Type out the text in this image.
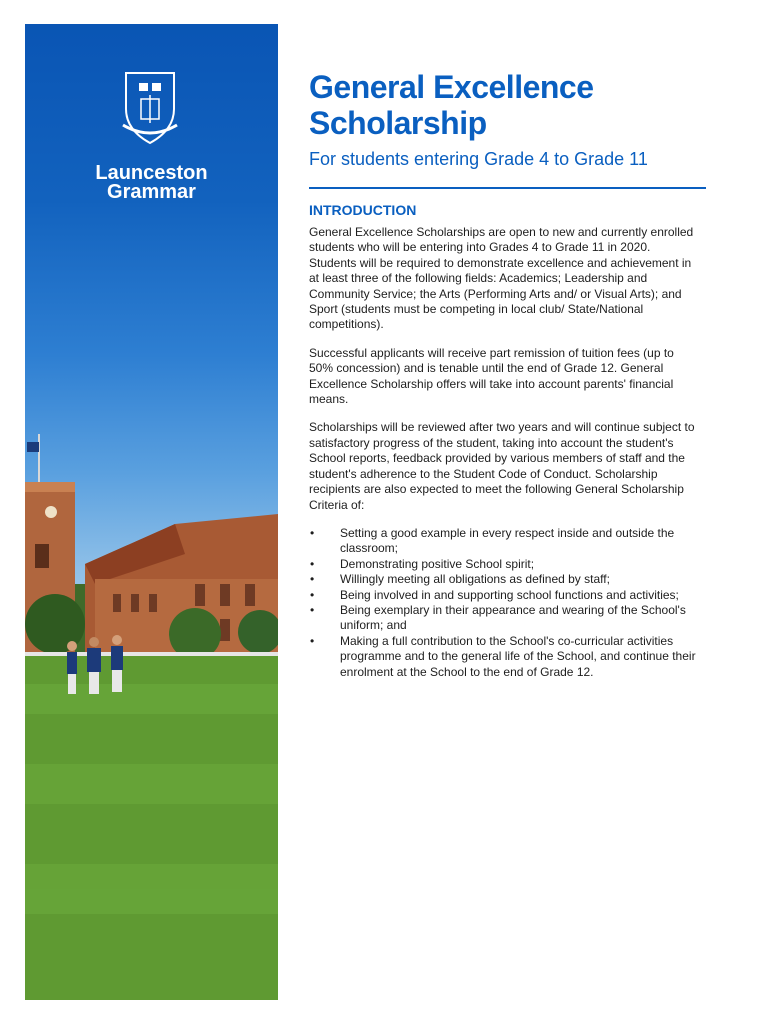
Launceston
Grammar
General Excellence
Scholarship
For students entering Grade 4 to Grade 11
INTRODUCTION

General Excellence Scholarships are open to new and currently enrolled students who will be entering into Grades 4 to Grade 11 in 2020. Students will be required to demonstrate excellence and achievement in at least three of the following fields: Academics; Leadership and Community Service; the Arts (Performing Arts and/ or Visual Arts); and Sport (students must be competing in local club/ State/National competitions).

Successful applicants will receive part remission of tuition fees (up to 50% concession) and is tenable until the end of Grade 12. General Excellence Scholarship offers will take into account parents' financial means.

Scholarships will be reviewed after two years and will continue subject to satisfactory progress of the student, taking into account the student's School reports, feedback provided by various members of staff and the student's adherence to the Student Code of Conduct. Scholarship recipients are also expected to meet the following General Scholarship Criteria of:

• Setting a good example in every respect inside and outside the classroom;
• Demonstrating positive School spirit;
• Willingly meeting all obligations as defined by staff;
• Being involved in and supporting school functions and activities;
• Being exemplary in their appearance and wearing of the School's uniform; and
• Making a full contribution to the School's co-curricular activities programme and to the general life of the School, and continue their enrolment at the School to the end of Grade 12.
